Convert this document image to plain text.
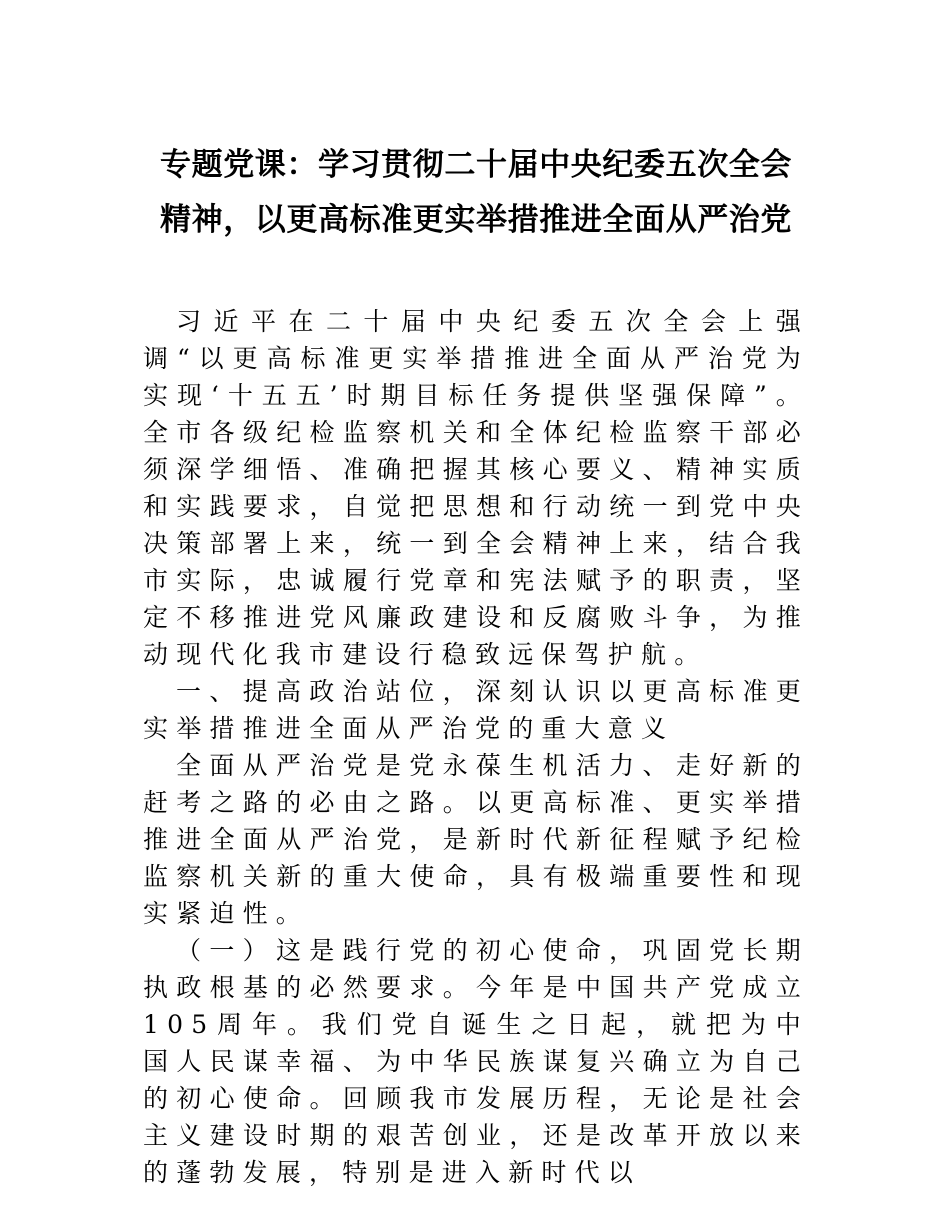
专题党课：学习贯彻二十届中央纪委五次全会
精神，以更高标准更实举措推进全面从严治党

习近平在二十届中央纪委五次全会上强调“以更高标准更实举措推进全面从严治党为实现‘十五五’时期目标任务提供坚强保障”。全市各级纪检监察机关和全体纪检监察干部必须深学细悟、准确把握其核心要义、精神实质和实践要求，自觉把思想和行动统一到党中央决策部署上来，统一到全会精神上来，结合我市实际，忠诚履行党章和宪法赋予的职责，坚定不移推进党风廉政建设和反腐败斗争，为推动现代化我市建设行稳致远保驾护航。

一、提高政治站位，深刻认识以更高标准更实举措推进全面从严治党的重大意义

全面从严治党是党永葆生机活力、走好新的赶考之路的必由之路。以更高标准、更实举措推进全面从严治党，是新时代新征程赋予纪检监察机关新的重大使命，具有极端重要性和现实紧迫性。

（一）这是践行党的初心使命，巩固党长期执政根基的必然要求。今年是中国共产党成立105周年。我们党自诞生之日起，就把为中国人民谋幸福、为中华民族谋复兴确立为自己的初心使命。回顾我市发展历程，无论是社会主义建设时期的艰苦创业，还是改革开放以来的蓬勃发展，特别是进入新时代以
